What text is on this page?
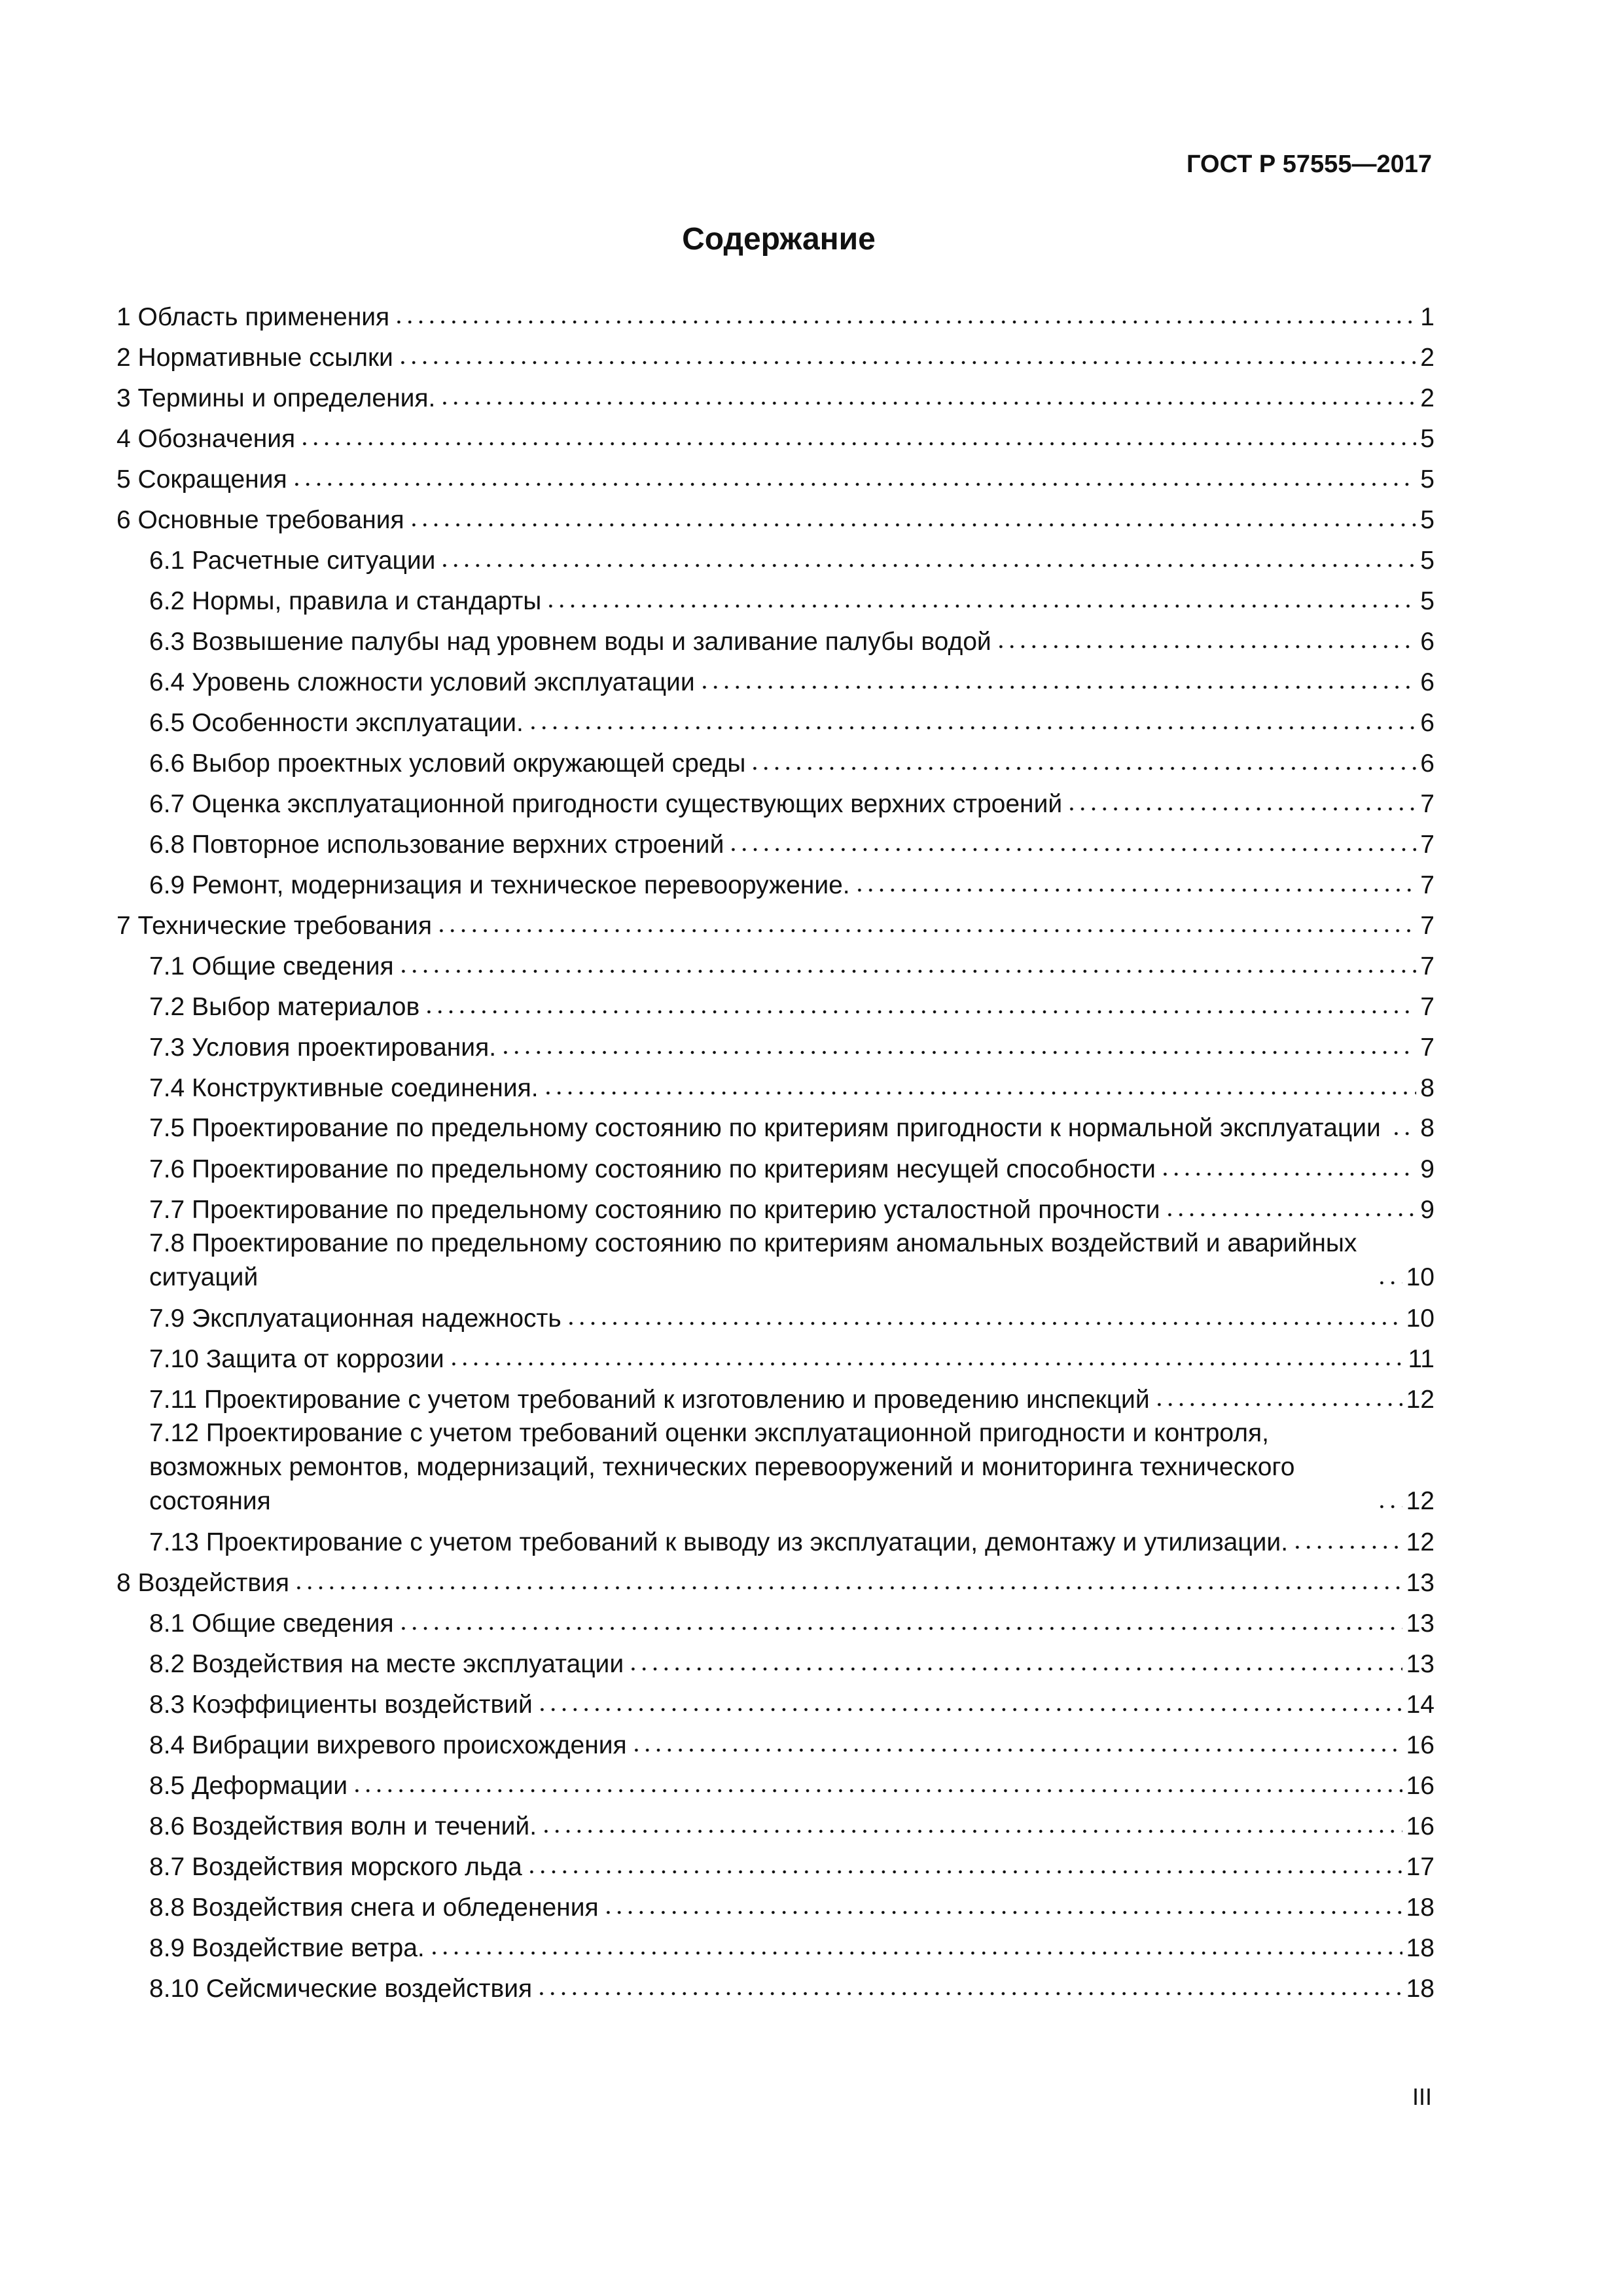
ГОСТ Р 57555—2017
Содержание
1 Область применения	1
2 Нормативные ссылки	2
3 Термины и определения.	2
4 Обозначения	5
5 Сокращения	5
6 Основные требования	5
6.1 Расчетные ситуации	5
6.2 Нормы, правила и стандарты	5
6.3 Возвышение палубы над уровнем воды и заливание палубы водой	6
6.4 Уровень сложности условий эксплуатации	6
6.5 Особенности эксплуатации.	6
6.6 Выбор проектных условий окружающей среды	6
6.7 Оценка эксплуатационной пригодности существующих верхних строений	7
6.8 Повторное использование верхних строений	7
6.9 Ремонт, модернизация и техническое перевооружение.	7
7 Технические требования	7
7.1 Общие сведения	7
7.2 Выбор материалов	7
7.3 Условия проектирования.	7
7.4 Конструктивные соединения.	8
7.5 Проектирование по предельному состоянию по критериям пригодности к нормальной эксплуатации 8
7.6 Проектирование по предельному состоянию по критериям несущей способности	9
7.7 Проектирование по предельному состоянию по критерию усталостной прочности	9
7.8 Проектирование по предельному состоянию по критериям аномальных воздействий и аварийных ситуаций	10
7.9 Эксплуатационная надежность	10
7.10 Защита от коррозии	11
7.11 Проектирование с учетом требований к изготовлению и проведению инспекций	12
7.12 Проектирование с учетом требований оценки эксплуатационной пригодности и контроля, возможных ремонтов, модернизаций, технических перевооружений и мониторинга технического состояния	12
7.13 Проектирование с учетом требований к выводу из эксплуатации, демонтажу и утилизации.	12
8 Воздействия	13
8.1 Общие сведения	13
8.2 Воздействия на месте эксплуатации	13
8.3 Коэффициенты воздействий	14
8.4 Вибрации вихревого происхождения	16
8.5 Деформации	16
8.6 Воздействия волн и течений.	16
8.7 Воздействия морского льда	17
8.8 Воздействия снега и обледенения	18
8.9 Воздействие ветра.	18
8.10 Сейсмические воздействия	18
III
